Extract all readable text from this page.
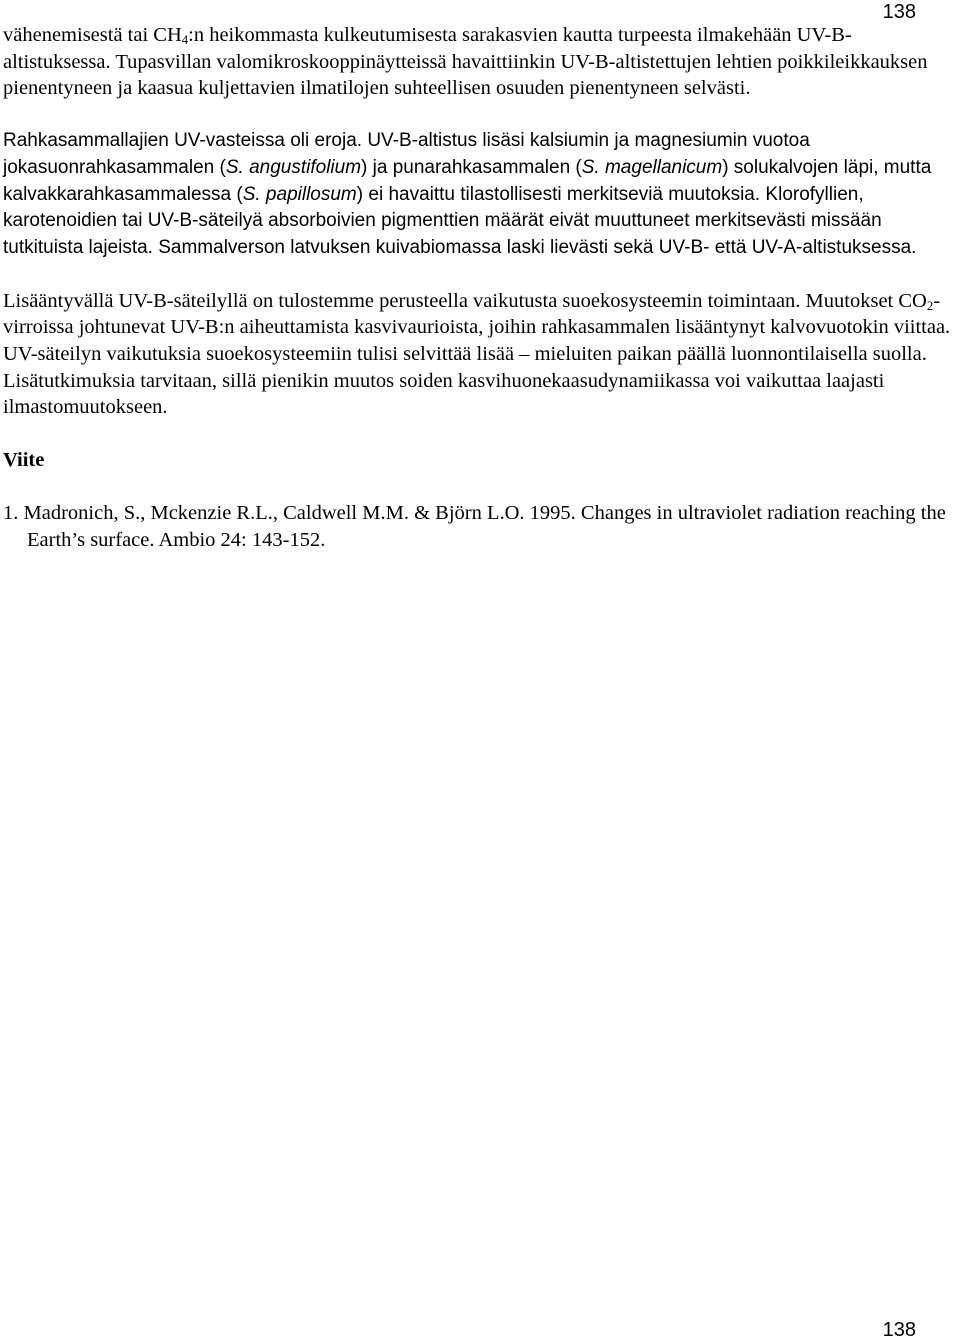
138

vähenemisestä tai CH4:n heikommasta kulkeutumisesta sarakasvien kautta turpeesta ilmakehään UV-B-altistuksessa. Tupasvillan valomikroskooppinäytteissä havaittiinkin UV-B-altistettujen lehtien poikkileikkauksen pienentyneen ja kaasua kuljettavien ilmatilojen suhteellisen osuuden pienentyneen selvästi.

Rahkasammallajien UV-vasteissa oli eroja. UV-B-altistus lisäsi kalsiumin ja magnesiumin vuotoa jokasuonrahkasammalen (S. angustifolium) ja punarahkasammalen (S. magellanicum) solukalvojen läpi, mutta kalvakkarahkasammalessa (S. papillosum) ei havaittu tilastollisesti merkitseviä muutoksia. Klorofyllien, karotenoidien tai UV-B-säteilyä absorboivien pigmenttien määrät eivät muuttuneet merkitsevästi missään tutkituista lajeista. Sammalverson latvuksen kuivabiomassa laski lievästi sekä UV-B- että UV-A-altistuksessa.

Lisääntyvällä UV-B-säteilyllä on tulostemme perusteella vaikutusta suoekosysteemin toimintaan. Muutokset CO2-virroissa johtunevat UV-B:n aiheuttamista kasvivaurioista, joihin rahkasammalen lisääntynyt kalvovuotokin viittaa. UV-säteilyn vaikutuksia suoekosysteemiin tulisi selvittää lisää – mieluiten paikan päällä luonnontilaisella suolla. Lisätutkimuksia tarvitaan, sillä pienikin muutos soiden kasvihuonekaasudynamiikassa voi vaikuttaa laajasti ilmastomuutokseen.

Viite

1. Madronich, S., Mckenzie R.L., Caldwell M.M. & Björn L.O. 1995. Changes in ultraviolet radiation reaching the Earth’s surface. Ambio 24: 143-152.

138
